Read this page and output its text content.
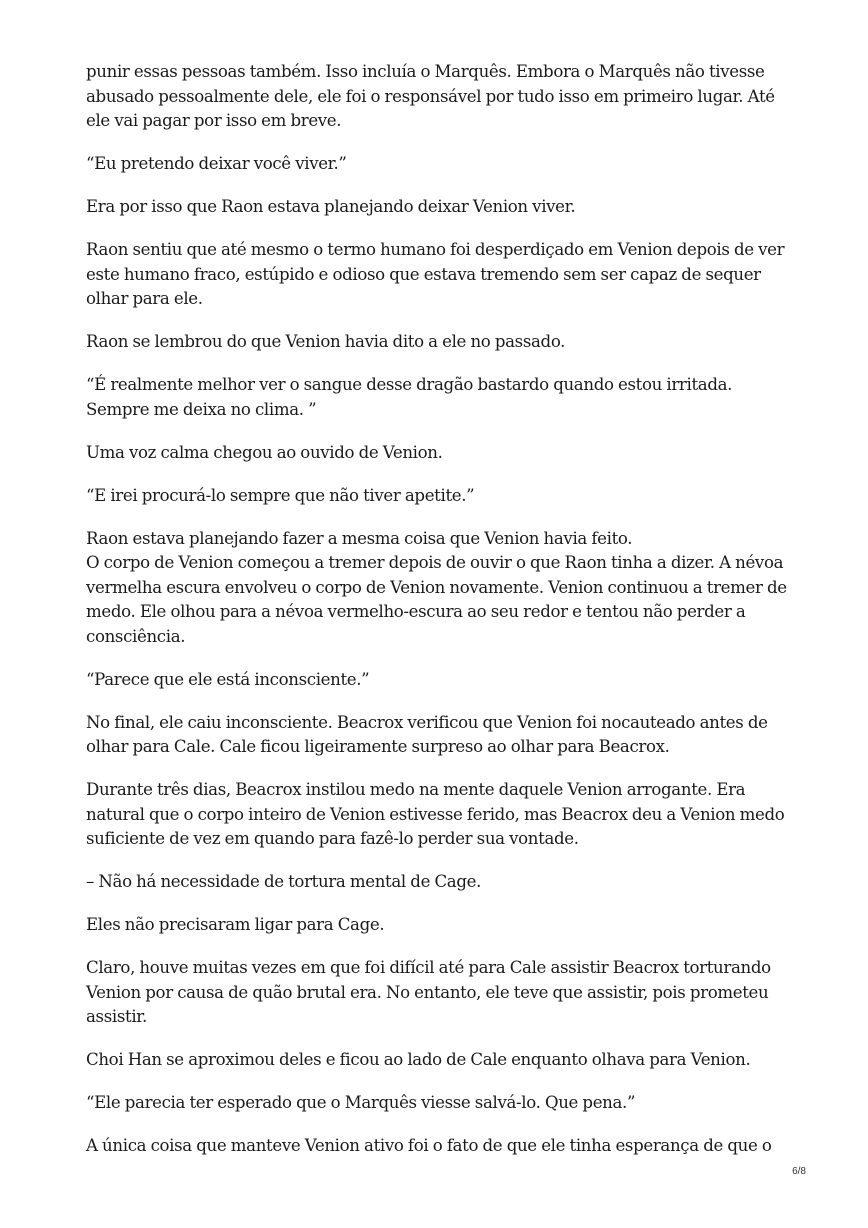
punir essas pessoas também. Isso incluía o Marquês. Embora o Marquês não tivesse abusado pessoalmente dele, ele foi o responsável por tudo isso em primeiro lugar. Até ele vai pagar por isso em breve.

“Eu pretendo deixar você viver.”

Era por isso que Raon estava planejando deixar Venion viver.

Raon sentiu que até mesmo o termo humano foi desperdiçado em Venion depois de ver este humano fraco, estúpido e odioso que estava tremendo sem ser capaz de sequer olhar para ele.

Raon se lembrou do que Venion havia dito a ele no passado.

“É realmente melhor ver o sangue desse dragão bastardo quando estou irritada. Sempre me deixa no clima. ”

Uma voz calma chegou ao ouvido de Venion.

“E irei procurá-lo sempre que não tiver apetite.”

Raon estava planejando fazer a mesma coisa que Venion havia feito.
O corpo de Venion começou a tremer depois de ouvir o que Raon tinha a dizer. A névoa vermelha escura envolveu o corpo de Venion novamente. Venion continuou a tremer de medo. Ele olhou para a névoa vermelho-escura ao seu redor e tentou não perder a consciência.

“Parece que ele está inconsciente.”

No final, ele caiu inconsciente. Beacrox verificou que Venion foi nocauteado antes de olhar para Cale. Cale ficou ligeiramente surpreso ao olhar para Beacrox.

Durante três dias, Beacrox instilou medo na mente daquele Venion arrogante. Era natural que o corpo inteiro de Venion estivesse ferido, mas Beacrox deu a Venion medo suficiente de vez em quando para fazê-lo perder sua vontade.

– Não há necessidade de tortura mental de Cage.

Eles não precisaram ligar para Cage.

Claro, houve muitas vezes em que foi difícil até para Cale assistir Beacrox torturando Venion por causa de quão brutal era. No entanto, ele teve que assistir, pois prometeu assistir.

Choi Han se aproximou deles e ficou ao lado de Cale enquanto olhava para Venion.

“Ele parecia ter esperado que o Marquês viesse salvá-lo. Que pena.”

A única coisa que manteve Venion ativo foi o fato de que ele tinha esperança de que o

6/8
